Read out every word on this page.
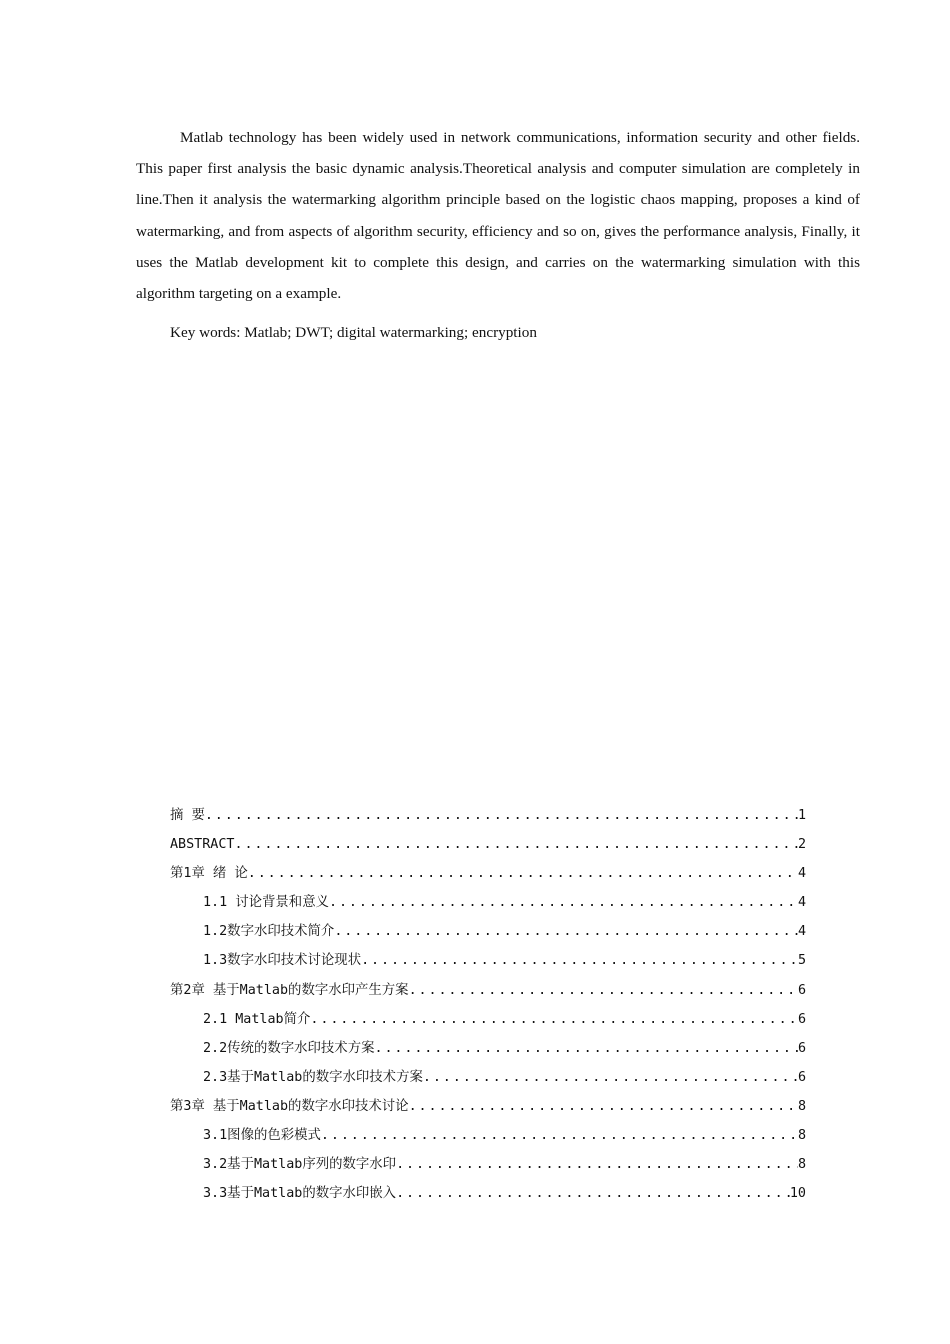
Matlab technology has been widely used in network communications, information security and other fields. This paper first analysis the basic dynamic analysis.Theoretical analysis and computer simulation are completely in line.Then it analysis the watermarking algorithm principle based on the logistic chaos mapping, proposes a kind of watermarking, and from aspects of algorithm security, efficiency and so on, gives the performance analysis, Finally, it uses the Matlab development kit to complete this design, and carries on the watermarking simulation with this algorithm targeting on a example.

Key words: Matlab; DWT; digital watermarking; encryption

摘 要 .....	1
ABSTRACT .....	2
第1章 绪 论 .....	4
1.1 讨论背景和意义 .....	4
1.2数字水印技术简介 .....	4
1.3数字水印技术讨论现状 .....	5
第2章 基于Matlab的数字水印产生方案 .....	6
2.1 Matlab简介 .....	6
2.2传统的数字水印技术方案 .....	6
2.3基于Matlab的数字水印技术方案 .....	6
第3章 基于Matlab的数字水印技术讨论 .....	8
3.1图像的色彩模式 .....	8
3.2基于Matlab序列的数字水印 .....	8
3.3基于Matlab的数字水印嵌入 .....	10
